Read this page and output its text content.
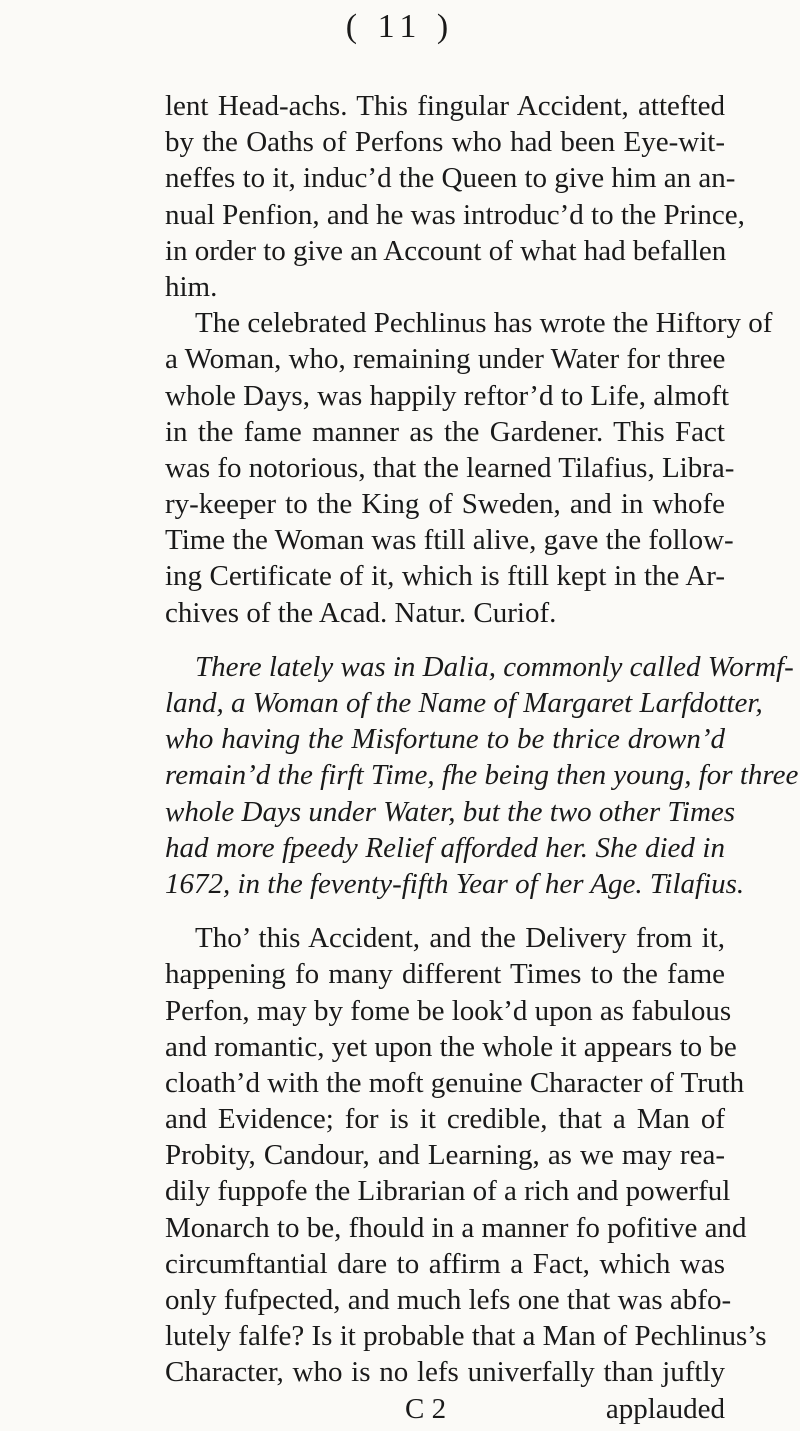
( 11 )
lent Head-achs. This fingular Accident, attefted
by the Oaths of Perfons who had been Eye-wit-
neffes to it, induc’d the Queen to give him an an-
nual Penfion, and he was introduc’d to the Prince,
in order to give an Account of what had befallen
him.
The celebrated Pechlinus has wrote the Hiftory of
a Woman, who, remaining under Water for three
whole Days, was happily reftor’d to Life, almoft
in the fame manner as the Gardener. This Fact
was fo notorious, that the learned Tilafius, Libra-
ry-keeper to the King of Sweden, and in whofe
Time the Woman was ftill alive, gave the follow-
ing Certificate of it, which is ftill kept in the Ar-
chives of the Acad. Natur. Curiof.
There lately was in Dalia, commonly called Wormf-
land, a Woman of the Name of Margaret Larfdotter,
who having the Misfortune to be thrice drown’d
remain’d the firft Time, fhe being then young, for three
whole Days under Water, but the two other Times
had more fpeedy Relief afforded her. She died in
1672, in the feventy-fifth Year of her Age. Tilafius.
Tho’ this Accident, and the Delivery from it,
happening fo many different Times to the fame
Perfon, may by fome be look’d upon as fabulous
and romantic, yet upon the whole it appears to be
cloath’d with the moft genuine Character of Truth
and Evidence; for is it credible, that a Man of
Probity, Candour, and Learning, as we may rea-
dily fuppofe the Librarian of a rich and powerful
Monarch to be, fhould in a manner fo pofitive and
circumftantial dare to affirm a Fact, which was
only fufpected, and much lefs one that was abfo-
lutely falfe? Is it probable that a Man of Pechlinus’s
Character, who is no lefs univerfally than juftly
C 2	applauded
